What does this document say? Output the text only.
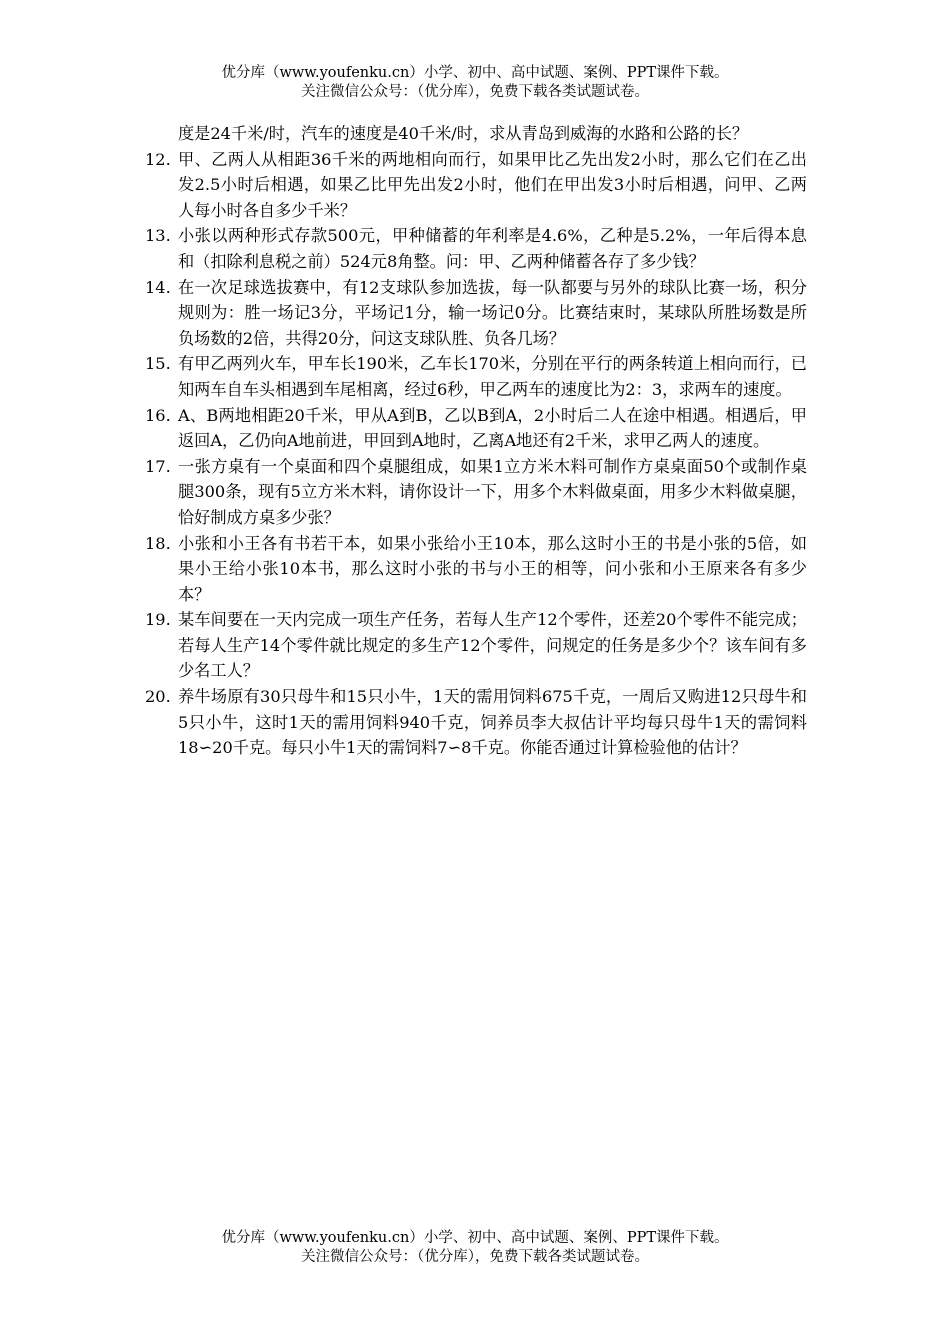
优分库（www.youfenku.cn）小学、初中、高中试题、案例、PPT课件下载。
关注微信公众号：（优分库），免费下载各类试题试卷。

度是24千米/时，汽车的速度是40千米/时，求从青岛到威海的水路和公路的长？

12. 甲、乙两人从相距36千米的两地相向而行，如果甲比乙先出发2小时，那么它们在乙出发2.5小时后相遇，如果乙比甲先出发2小时，他们在甲出发3小时后相遇，问甲、乙两人每小时各自多少千米？
13. 小张以两种形式存款500元，甲种储蓄的年利率是4.6%，乙种是5.2%，一年后得本息和（扣除利息税之前）524元8角整。问：甲、乙两种储蓄各存了多少钱？
14. 在一次足球选拔赛中，有12支球队参加选拔，每一队都要与另外的球队比赛一场，积分规则为：胜一场记3分，平场记1分，输一场记0分。比赛结束时，某球队所胜场数是所负场数的2倍，共得20分，问这支球队胜、负各几场？
15. 有甲乙两列火车，甲车长190米，乙车长170米，分别在平行的两条转道上相向而行，已知两车自车头相遇到车尾相离，经过6秒，甲乙两车的速度比为2：3，求两车的速度。
16. A、B两地相距20千米，甲从A到B，乙以B到A，2小时后二人在途中相遇。相遇后，甲返回A，乙仍向A地前进，甲回到A地时，乙离A地还有2千米，求甲乙两人的速度。
17. 一张方桌有一个桌面和四个桌腿组成，如果1立方米木料可制作方桌桌面50个或制作桌腿300条，现有5立方米木料，请你设计一下，用多个木料做桌面，用多少木料做桌腿，恰好制成方桌多少张？
18. 小张和小王各有书若干本，如果小张给小王10本，那么这时小王的书是小张的5倍，如果小王给小张10本书，那么这时小张的书与小王的相等，问小张和小王原来各有多少本？
19. 某车间要在一天内完成一项生产任务，若每人生产12个零件，还差20个零件不能完成；若每人生产14个零件就比规定的多生产12个零件，问规定的任务是多少个？该车间有多少名工人？
20. 养牛场原有30只母牛和15只小牛，1天的需用饲料675千克，一周后又购进12只母牛和5只小牛，这时1天的需用饲料940千克，饲养员李大叔估计平均每只母牛1天的需饲料18∽20千克。每只小牛1天的需饲料7∽8千克。你能否通过计算检验他的估计？
优分库（www.youfenku.cn）小学、初中、高中试题、案例、PPT课件下载。
关注微信公众号：（优分库），免费下载各类试题试卷。
